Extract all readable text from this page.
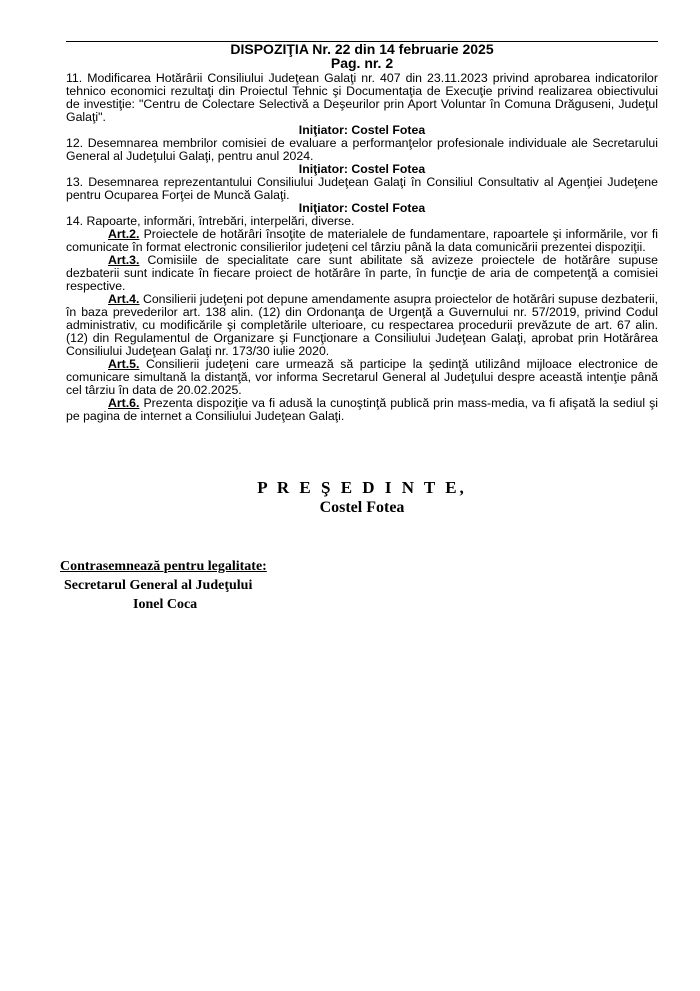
DISPOZIŢIA Nr. 22 din 14 februarie 2025
Pag. nr. 2

11. Modificarea Hotărârii Consiliului Judeţean Galaţi nr. 407 din 23.11.2023 privind aprobarea indicatorilor tehnico economici rezultaţi din Proiectul Tehnic şi Documentaţia de Execuţie privind realizarea obiectivului de investiţie: "Centru de Colectare Selectivă a Deşeurilor prin Aport Voluntar în Comuna Drăguseni, Judeţul Galaţi".

Iniţiator: Costel Fotea

12. Desemnarea membrilor comisiei de evaluare a performanţelor profesionale individuale ale Secretarului General al Judeţului Galaţi, pentru anul 2024.

Iniţiator: Costel Fotea

13. Desemnarea reprezentantului Consiliului Judeţean Galaţi în Consiliul Consultativ al Agenţiei Judeţene pentru Ocuparea Forţei de Muncă Galaţi.

Iniţiator: Costel Fotea

14. Rapoarte, informări, întrebări, interpelări, diverse.

Art.2. Proiectele de hotărâri însoţite de materialele de fundamentare, rapoartele şi informările, vor fi comunicate în format electronic consilierilor judeţeni cel târziu până la data comunicării prezentei dispoziţii.

Art.3. Comisiile de specialitate care sunt abilitate să avizeze proiectele de hotărâre supuse dezbaterii sunt indicate în fiecare proiect de hotărâre în parte, în funcţie de aria de competenţă a comisiei respective.

Art.4. Consilierii judeţeni pot depune amendamente asupra proiectelor de hotărâri supuse dezbaterii, în baza prevederilor art. 138 alin. (12) din Ordonanţa de Urgenţă a Guvernului nr. 57/2019, privind Codul administrativ, cu modificările şi completările ulterioare, cu respectarea procedurii prevăzute de art. 67 alin. (12) din Regulamentul de Organizare şi Funcţionare a Consiliului Judeţean Galaţi, aprobat prin Hotărârea Consiliului Judeţean Galaţi nr. 173/30 iulie 2020.

Art.5. Consilierii judeţeni care urmează să participe la şedinţă utilizând mijloace electronice de comunicare simultană la distanţă, vor informa Secretarul General al Judeţului despre această intenţie până cel târziu în data de 20.02.2025.

Art.6. Prezenta dispoziţie va fi adusă la cunoştinţă publică prin mass-media, va fi afişată la sediul şi pe pagina de internet a Consiliului Judeţean Galaţi.

P R E Ş E D I N T E,
Costel Fotea
Contrasemnează pentru legalitate:
Secretarul General al Judeţului
Ionel Coca
